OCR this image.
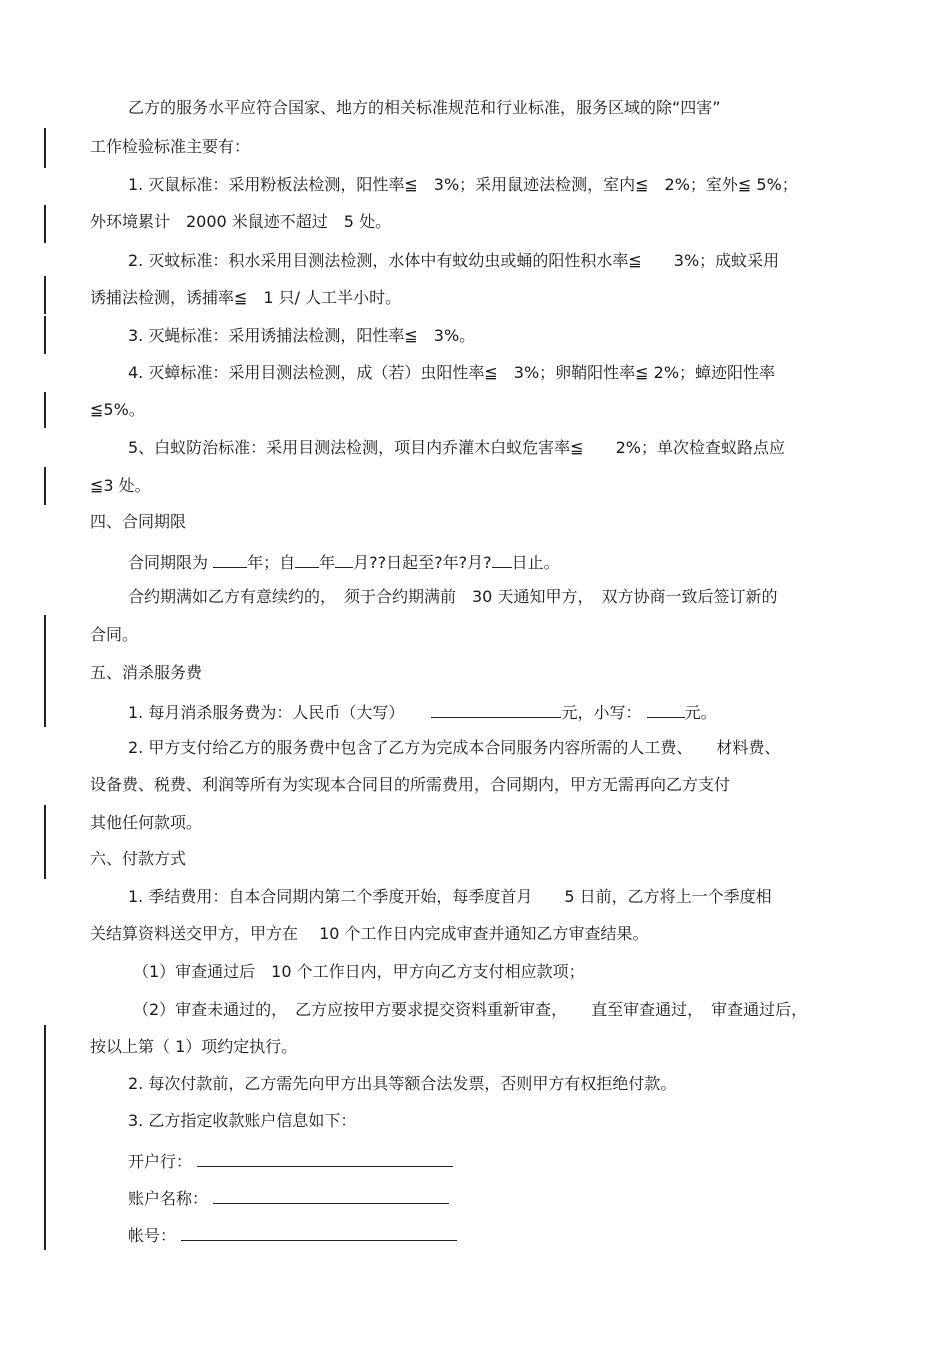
乙方的服务水平应符合国家、地方的相关标准规范和行业标准，服务区域的除“四害”
工作检验标准主要有：
1. 灭鼠标准：采用粉板法检测，阳性率≦　3%；采用鼠迹法检测，室内≦　2%；室外≦ 5%；
外环境累计　2000 米鼠迹不超过　5 处。
2. 灭蚊标准：积水采用目测法检测，水体中有蚊幼虫或蛹的阳性积水率≦　　3%；成蚊采用
诱捕法检测，诱捕率≦　1 只/ 人工半小时。
3. 灭蝇标准：采用诱捕法检测，阳性率≦　3%。
4. 灭蟑标准：采用目测法检测，成（若）虫阳性率≦　3%；卵鞘阳性率≦ 2%；蟑迹阳性率
≦5%。
5、白蚁防治标准：采用目测法检测，项目内乔灌木白蚁危害率≦　　2%；单次检查蚁路点应
≦3 处。
四、合同期限
合同期限为 年；自 年 月??日起至?年?月? 日止。
合约期满如乙方有意续约的，　须于合约期满前　30 天通知甲方，　双方协商一致后签订新的
合同。
五、消杀服务费
1. 每月消杀服务费为：人民币（大写）	元，小写：	元。
2. 甲方支付给乙方的服务费中包含了乙方为完成本合同服务内容所需的人工费、　　材料费、
设备费、税费、利润等所有为实现本合同目的所需费用，合同期内，甲方无需再向乙方支付
其他任何款项。
六、付款方式
1. 季结费用：自本合同期内第二个季度开始，每季度首月　　5 日前，乙方将上一个季度相
关结算资料送交甲方，甲方在　 10 个工作日内完成审查并通知乙方审查结果。
（1）审查通过后　10 个工作日内，甲方向乙方支付相应款项；
（2）审查未通过的，　乙方应按甲方要求提交资料重新审查，　　直至审查通过，　审查通过后，
按以上第（ 1）项约定执行。
2. 每次付款前，乙方需先向甲方出具等额合法发票，否则甲方有权拒绝付款。
3. 乙方指定收款账户信息如下：
开户行：
账户名称：
帐号：
